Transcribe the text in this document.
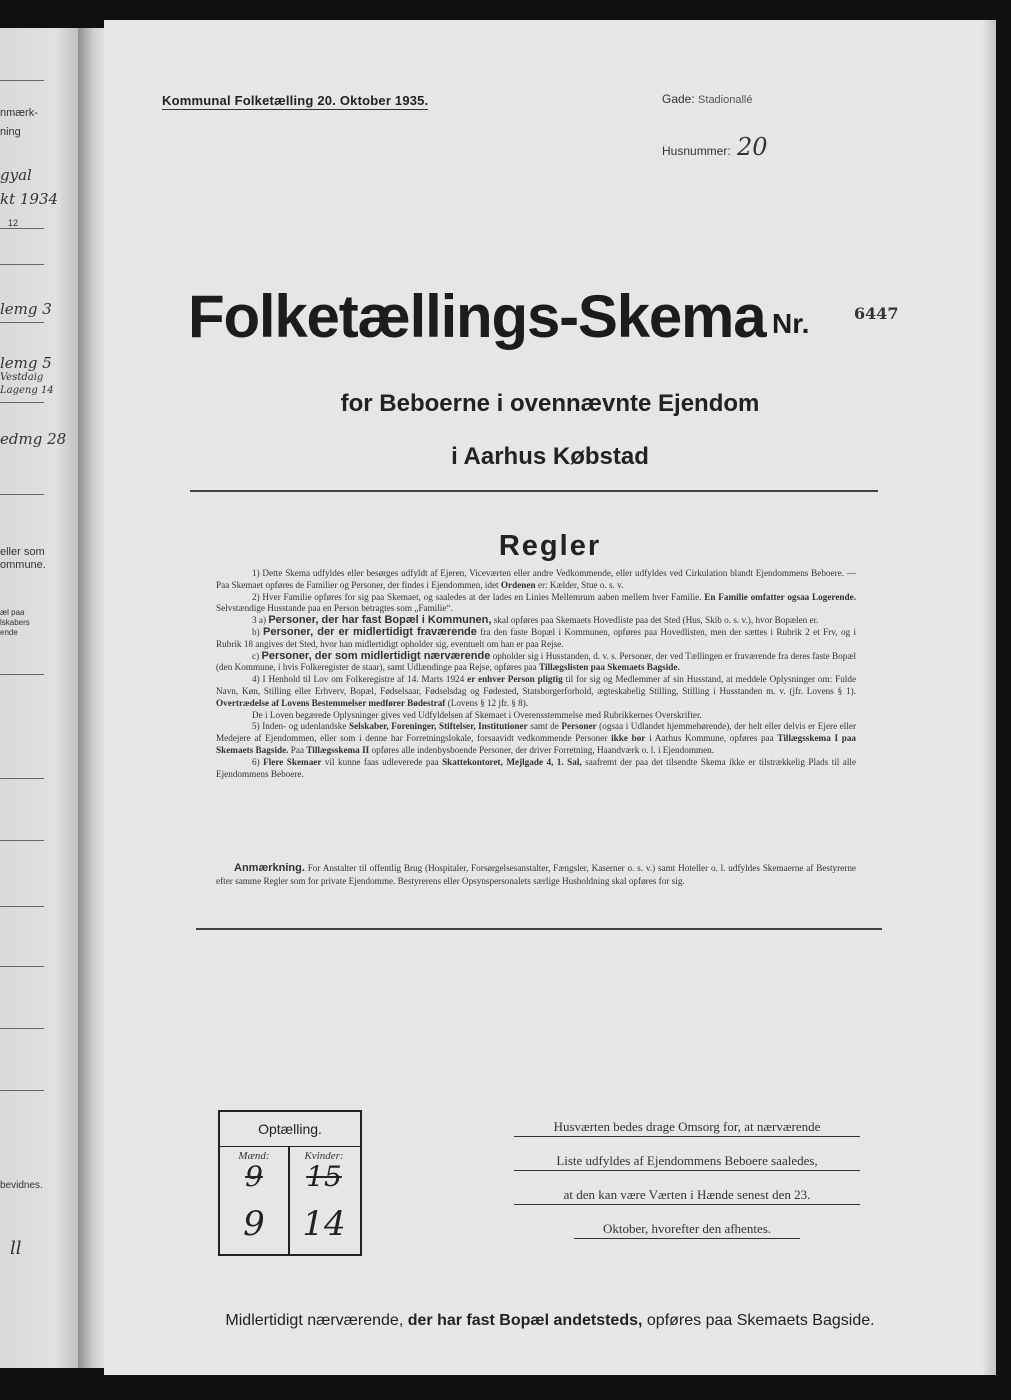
nmærk-
ning
gyal
kt 1934
12
lemg 3
lemg 5
Vestdaig
Lageng 14
edmg 28
eller som
ommune.
æl paa
lskabers
ende
bevidnes.
ll
Kommunal Folketælling 20. Oktober 1935.	Gade: Stadionallé
Husnummer: 20
Folketællings-Skema Nr.	6447
for Beboerne i ovennævnte Ejendom
i Aarhus Købstad
Regler

1) Dette Skema udfyldes eller besørges udfyldt af Ejeren, Viceværten eller andre Vedkommende, eller udfyldes ved Cirkulation blandt Ejendommens Beboere. — Paa Skemaet opføres de Familier og Personer, der findes i Ejendommen, idet Ordenen er: Kælder, Stue o. s. v.

2) Hver Familie opføres for sig paa Skemaet, og saaledes at der lades en Linies Mellemrum aaben mellem hver Familie. En Familie omfatter ogsaa Logerende. Selvstændige Husstande paa en Person betragtes som „Familie“.

3 a) Personer, der har fast Bopæl i Kommunen, skal opføres paa Skemaets Hovedliste paa det Sted (Hus, Skib o. s. v.), hvor Bopælen er.

b) Personer, der er midlertidigt fraværende fra den faste Bopæl i Kommunen, opføres paa Hovedlisten, men der sættes i Rubrik 2 et Frv, og i Rubrik 18 angives det Sted, hvor han midlertidigt opholder sig, eventuelt om han er paa Rejse.

c) Personer, der som midlertidigt nærværende opholder sig i Husstanden, d. v. s. Personer, der ved Tællingen er fraværende fra deres faste Bopæl (den Kommune, i hvis Folkeregister de staar), samt Udlændinge paa Rejse, opføres paa Tillægslisten paa Skemaets Bagside.

4) I Henhold til Lov om Folkeregistre af 14. Marts 1924 er enhver Person pligtig til for sig og Medlemmer af sin Husstand, at meddele Oplysninger om: Fulde Navn, Køn, Stilling eller Erhverv, Bopæl, Fødselsaar, Fødselsdag og Fødested, Statsborgerforhold, ægteskabelig Stilling, Stilling i Husstanden m. v. (jfr. Lovens § 1). Overtrædelse af Lovens Bestemmelser medfører Bødestraf (Lovens § 12 jfr. § 8).

De i Loven begærede Oplysninger gives ved Udfyldelsen af Skemaet i Overensstemmelse med Rubrikkernes Overskrifter.

5) Inden- og udenlandske Selskaber, Foreninger, Stiftelser, Institutioner samt de Personer (ogsaa i Udlandet hjemmehørende), der helt eller delvis er Ejere eller Medejere af Ejendommen, eller som i denne har Forretningslokale, forsaavidt vedkommende Personer ikke bor i Aarhus Kommune, opføres paa Tillægsskema I paa Skemaets Bagside. Paa Tillægsskema II opføres alle indenbysboende Personer, der driver Forretning, Haandværk o. l. i Ejendommen.

6) Flere Skemaer vil kunne faas udleverede paa Skattekontoret, Mejlgade 4, 1. Sal, saafremt der paa det tilsendte Skema ikke er tilstrækkelig Plads til alle Ejendommens Beboere.

Anmærkning. For Anstalter til offentlig Brug (Hospitaler, Forsørgelsesanstalter, Fængsler, Kaserner o. s. v.) samt Hoteller o. l. udfyldes Skemaerne af Bestyrerne efter samme Regler som for private Ejendomme. Bestyrerens eller Opsynspersonalets særlige Husholdning skal opføres for sig.
Optælling.
Mænd:	Kvinder:
9	15
9	14
Husværten bedes drage Omsorg for, at nærværende
Liste udfyldes af Ejendommens Beboere saaledes,
at den kan være Værten i Hænde senest den 23.
Oktober, hvorefter den afhentes.
Midlertidigt nærværende, der har fast Bopæl andetsteds, opføres paa Skemaets Bagside.
